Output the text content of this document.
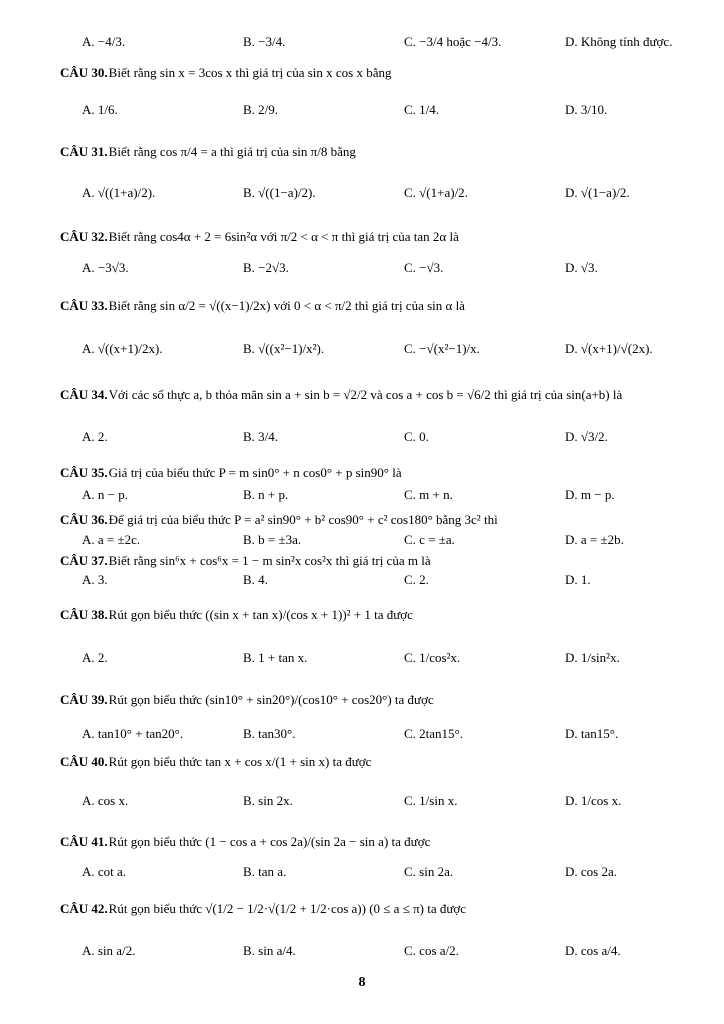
A. −4/3.	B. −3/4.	C. −3/4 hoặc −4/3.	D. Không tính được.
CÂU 30.Biết rằng sin x = 3cos x thì giá trị của sin x cos x bằng
A. 1/6.	B. 2/9.	C. 1/4.	D. 3/10.
CÂU 31.Biết rằng cos π/4 = a thì giá trị của sin π/8 bằng
A. √((1+a)/2).	B. √((1−a)/2).	C. √(1+a)/2.	D. √(1−a)/2.
CÂU 32.Biết rằng cos4α + 2 = 6sin²α với π/2 < α < π thì giá trị của tan 2α là
A. −3√3.	B. −2√3.	C. −√3.	D. √3.
CÂU 33.Biết rằng sin α/2 = √((x−1)/2x) với 0 < α < π/2 thì giá trị của sin α là
A. √((x+1)/2x).	B. √((x²−1)/x²).	C. −√(x²−1)/x.	D. √(x+1)/√(2x).
CÂU 34.Với các số thực a, b thỏa mãn sin a + sin b = √2/2 và cos a + cos b = √6/2 thì giá trị của sin(a+b) là
A. 2.	B. 3/4.	C. 0.	D. √3/2.
CÂU 35.Giá trị của biểu thức P = m sin0° + n cos0° + p sin90° là
A. n − p.	B. n + p.	C. m + n.	D. m − p.
CÂU 36.Để giá trị của biểu thức P = a² sin90° + b² cos90° + c² cos180° bằng 3c² thì
A. a = ±2c.	B. b = ±3a.	C. c = ±a.	D. a = ±2b.
CÂU 37.Biết rằng sin⁶x + cos⁶x = 1 − m sin²x cos²x thì giá trị của m là
A. 3.	B. 4.	C. 2.	D. 1.
CÂU 38.Rút gọn biểu thức ((sin x + tan x)/(cos x + 1))² + 1 ta được
A. 2.	B. 1 + tan x.	C. 1/cos²x.	D. 1/sin²x.
CÂU 39.Rút gọn biểu thức (sin10° + sin20°)/(cos10° + cos20°) ta được
A. tan10° + tan20°.	B. tan30°.	C. 2tan15°.	D. tan15°.
CÂU 40.Rút gọn biểu thức tan x + cos x/(1 + sin x) ta được
A. cos x.	B. sin 2x.	C. 1/sin x.	D. 1/cos x.
CÂU 41.Rút gọn biểu thức (1 − cos a + cos 2a)/(sin 2a − sin a) ta được
A. cot a.	B. tan a.	C. sin 2a.	D. cos 2a.
CÂU 42.Rút gọn biểu thức √(1/2 − 1/2·√(1/2 + 1/2·cos a)) (0 ≤ a ≤ π) ta được
A. sin a/2.	B. sin a/4.	C. cos a/2.	D. cos a/4.
8
